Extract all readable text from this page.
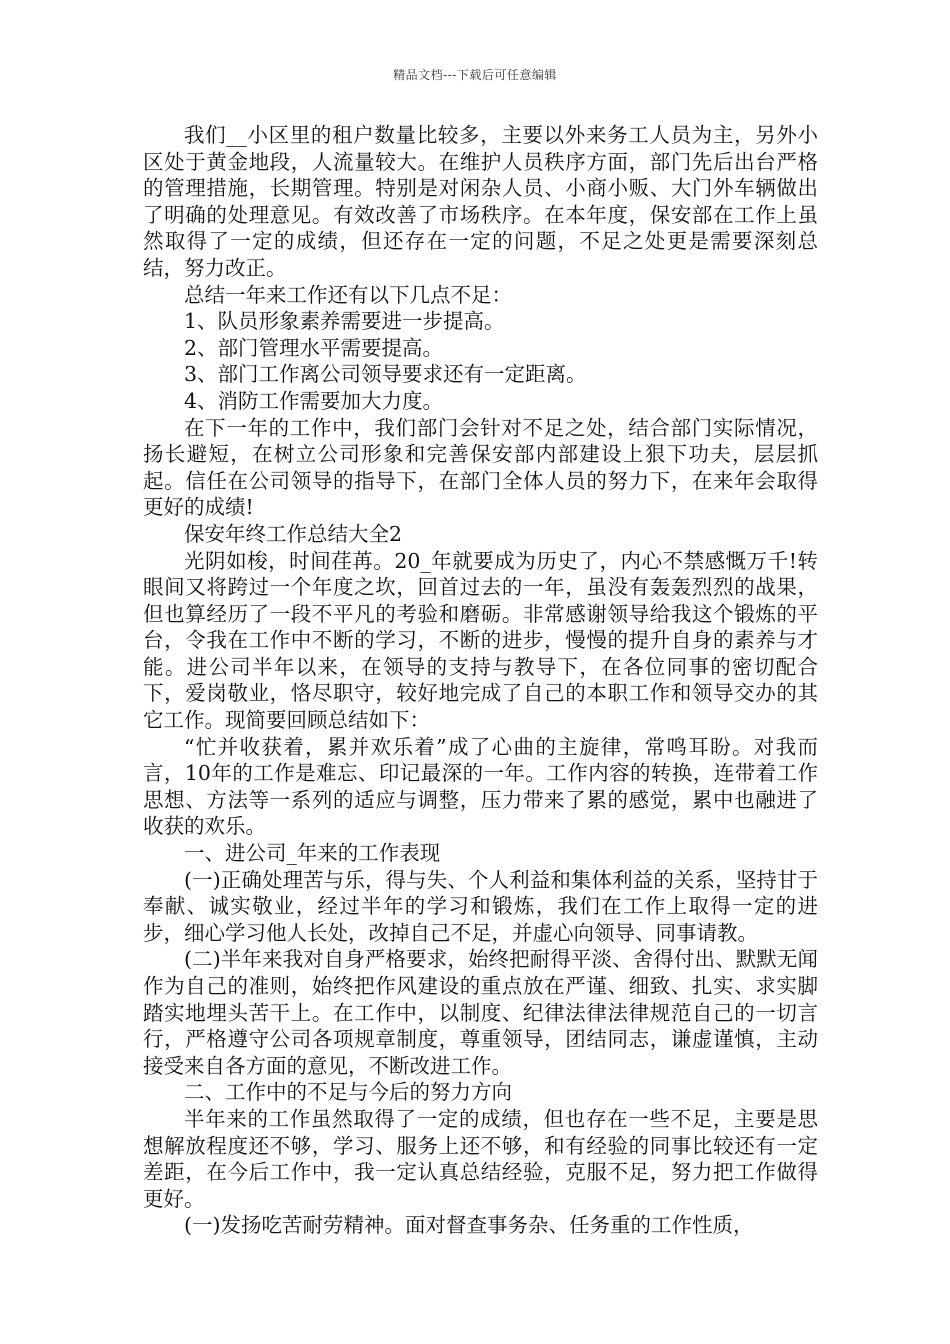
精品文档---下载后可任意编辑

我们__小区里的租户数量比较多，主要以外来务工人员为主，另外小区处于黄金地段，人流量较大。在维护人员秩序方面，部门先后出台严格的管理措施，长期管理。特别是对闲杂人员、小商小贩、大门外车辆做出了明确的处理意见。有效改善了市场秩序。在本年度，保安部在工作上虽然取得了一定的成绩，但还存在一定的问题，不足之处更是需要深刻总结，努力改正。

总结一年来工作还有以下几点不足：

1、队员形象素养需要进一步提高。

2、部门管理水平需要提高。

3、部门工作离公司领导要求还有一定距离。

4、消防工作需要加大力度。

在下一年的工作中，我们部门会针对不足之处，结合部门实际情况，扬长避短，在树立公司形象和完善保安部内部建设上狠下功夫，层层抓起。信任在公司领导的指导下，在部门全体人员的努力下，在来年会取得更好的成绩!

保安年终工作总结大全2

光阴如梭，时间荏苒。20_年就要成为历史了，内心不禁感慨万千!转眼间又将跨过一个年度之坎，回首过去的一年，虽没有轰轰烈烈的战果，但也算经历了一段不平凡的考验和磨砺。非常感谢领导给我这个锻炼的平台，令我在工作中不断的学习，不断的进步，慢慢的提升自身的素养与才能。进公司半年以来，在领导的支持与教导下，在各位同事的密切配合下，爱岗敬业，恪尽职守，较好地完成了自己的本职工作和领导交办的其它工作。现简要回顾总结如下：

“忙并收获着，累并欢乐着”成了心曲的主旋律，常鸣耳盼。对我而言，10年的工作是难忘、印记最深的一年。工作内容的转换，连带着工作思想、方法等一系列的适应与调整，压力带来了累的感觉，累中也融进了收获的欢乐。

一、进公司_年来的工作表现

(一)正确处理苦与乐，得与失、个人利益和集体利益的关系，坚持甘于奉献、诚实敬业，经过半年的学习和锻炼，我们在工作上取得一定的进步，细心学习他人长处，改掉自己不足，并虚心向领导、同事请教。

(二)半年来我对自身严格要求，始终把耐得平淡、舍得付出、默默无闻作为自己的准则，始终把作风建设的重点放在严谨、细致、扎实、求实脚踏实地埋头苦干上。在工作中，以制度、纪律法律法律规范自己的一切言行，严格遵守公司各项规章制度，尊重领导，团结同志，谦虚谨慎，主动接受来自各方面的意见，不断改进工作。

二、工作中的不足与今后的努力方向

半年来的工作虽然取得了一定的成绩，但也存在一些不足，主要是思想解放程度还不够，学习、服务上还不够，和有经验的同事比较还有一定差距，在今后工作中，我一定认真总结经验，克服不足，努力把工作做得更好。

(一)发扬吃苦耐劳精神。面对督查事务杂、任务重的工作性质，
